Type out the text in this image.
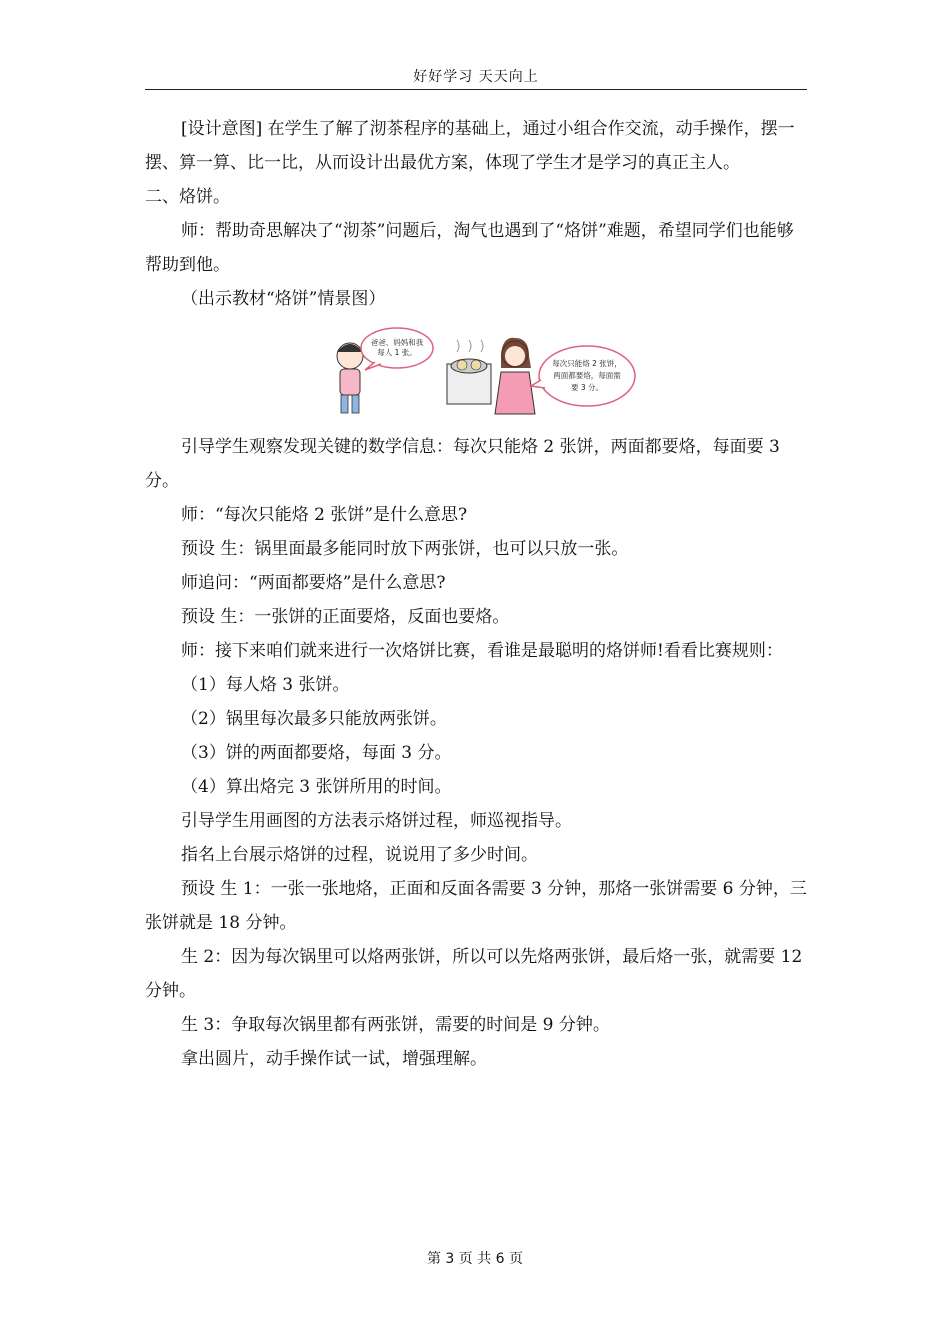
好好学习 天天向上

[设计意图] 在学生了解了沏茶程序的基础上，通过小组合作交流，动手操作，摆一摆、算一算、比一比，从而设计出最优方案，体现了学生才是学习的真正主人。

二、烙饼。

师：帮助奇思解决了“沏茶”问题后，淘气也遇到了“烙饼”难题，希望同学们也能够帮助到他。

（出示教材“烙饼”情景图）

爸爸、妈妈和我
每人 1 张。
每次只能烙 2 张饼，
两面都要烙，每面需
要 3 分。

引导学生观察发现关键的数学信息：每次只能烙 2 张饼，两面都要烙，每面要 3 分。

师：“每次只能烙 2 张饼”是什么意思?

预设 生：锅里面最多能同时放下两张饼，也可以只放一张。

师追问：“两面都要烙”是什么意思?

预设 生：一张饼的正面要烙，反面也要烙。

师：接下来咱们就来进行一次烙饼比赛，看谁是最聪明的烙饼师!看看比赛规则：

（1）每人烙 3 张饼。

（2）锅里每次最多只能放两张饼。

（3）饼的两面都要烙，每面 3 分。

（4）算出烙完 3 张饼所用的时间。

引导学生用画图的方法表示烙饼过程，师巡视指导。

指名上台展示烙饼的过程，说说用了多少时间。

预设 生 1：一张一张地烙，正面和反面各需要 3 分钟，那烙一张饼需要 6 分钟，三张饼就是 18 分钟。

生 2：因为每次锅里可以烙两张饼，所以可以先烙两张饼，最后烙一张，就需要 12 分钟。

生 3：争取每次锅里都有两张饼，需要的时间是 9 分钟。

拿出圆片，动手操作试一试，增强理解。

第 3 页 共 6 页
